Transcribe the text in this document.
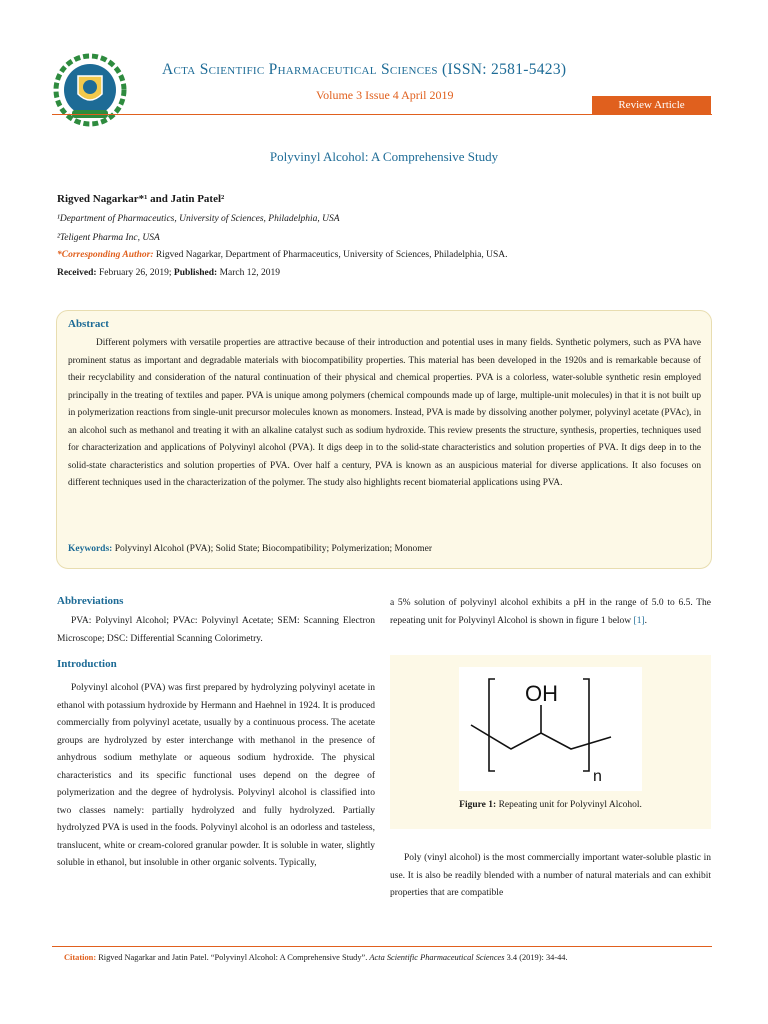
Acta Scientific Pharmaceutical Sciences (ISSN: 2581-5423)
Volume 3 Issue 4 April 2019
Review Article
Polyvinyl Alcohol: A Comprehensive Study
Rigved Nagarkar*¹ and Jatin Patel²
¹Department of Pharmaceutics, University of Sciences, Philadelphia, USA
²Teligent Pharma Inc, USA
*Corresponding Author: Rigved Nagarkar, Department of Pharmaceutics, University of Sciences, Philadelphia, USA.
Received: February 26, 2019; Published: March 12, 2019
Abstract
Different polymers with versatile properties are attractive because of their introduction and potential uses in many fields. Synthetic polymers, such as PVA have prominent status as important and degradable materials with biocompatibility properties. This material has been developed in the 1920s and is remarkable because of their recyclability and consideration of the natural continuation of their physical and chemical properties. PVA is a colorless, water-soluble synthetic resin employed principally in the treating of textiles and paper. PVA is unique among polymers (chemical compounds made up of large, multiple-unit molecules) in that it is not built up in polymerization reactions from single-unit precursor molecules known as monomers. Instead, PVA is made by dissolving another polymer, polyvinyl acetate (PVAc), in an alcohol such as methanol and treating it with an alkaline catalyst such as sodium hydroxide. This review presents the structure, synthesis, properties, techniques used for characterization and applications of Polyvinyl alcohol (PVA). It digs deep in to the solid-state characteristics and solution properties of PVA. It digs deep in to the solid-state characteristics and solution properties of PVA. Over half a century, PVA is known as an auspicious material for diverse applications. It also focuses on different techniques used in the characterization of the polymer. The study also highlights recent biomaterial applications using PVA.
Keywords: Polyvinyl Alcohol (PVA); Solid State; Biocompatibility; Polymerization; Monomer
Abbreviations
PVA: Polyvinyl Alcohol; PVAc: Polyvinyl Acetate; SEM: Scanning Electron Microscope; DSC: Differential Scanning Colorimetry.
Introduction
Polyvinyl alcohol (PVA) was first prepared by hydrolyzing polyvinyl acetate in ethanol with potassium hydroxide by Hermann and Haehnel in 1924. It is produced commercially from polyvinyl acetate, usually by a continuous process. The acetate groups are hydrolyzed by ester interchange with methanol in the presence of anhydrous sodium methylate or aqueous sodium hydroxide. The physical characteristics and its specific functional uses depend on the degree of polymerization and the degree of hydrolysis. Polyvinyl alcohol is classified into two classes namely: partially hydrolyzed and fully hydrolyzed. Partially hydrolyzed PVA is used in the foods. Polyvinyl alcohol is an odorless and tasteless, translucent, white or cream-colored granular powder. It is soluble in water, slightly soluble in ethanol, but insoluble in other organic solvents. Typically,
a 5% solution of polyvinyl alcohol exhibits a pH in the range of 5.0 to 6.5. The repeating unit for Polyvinyl Alcohol is shown in figure 1 below [1].
OH
n
Figure 1: Repeating unit for Polyvinyl Alcohol.
Poly (vinyl alcohol) is the most commercially important water-soluble plastic in use. It is also be readily blended with a number of natural materials and can exhibit properties that are compatible
Citation: Rigved Nagarkar and Jatin Patel. “Polyvinyl Alcohol: A Comprehensive Study”. Acta Scientific Pharmaceutical Sciences 3.4 (2019): 34-44.
